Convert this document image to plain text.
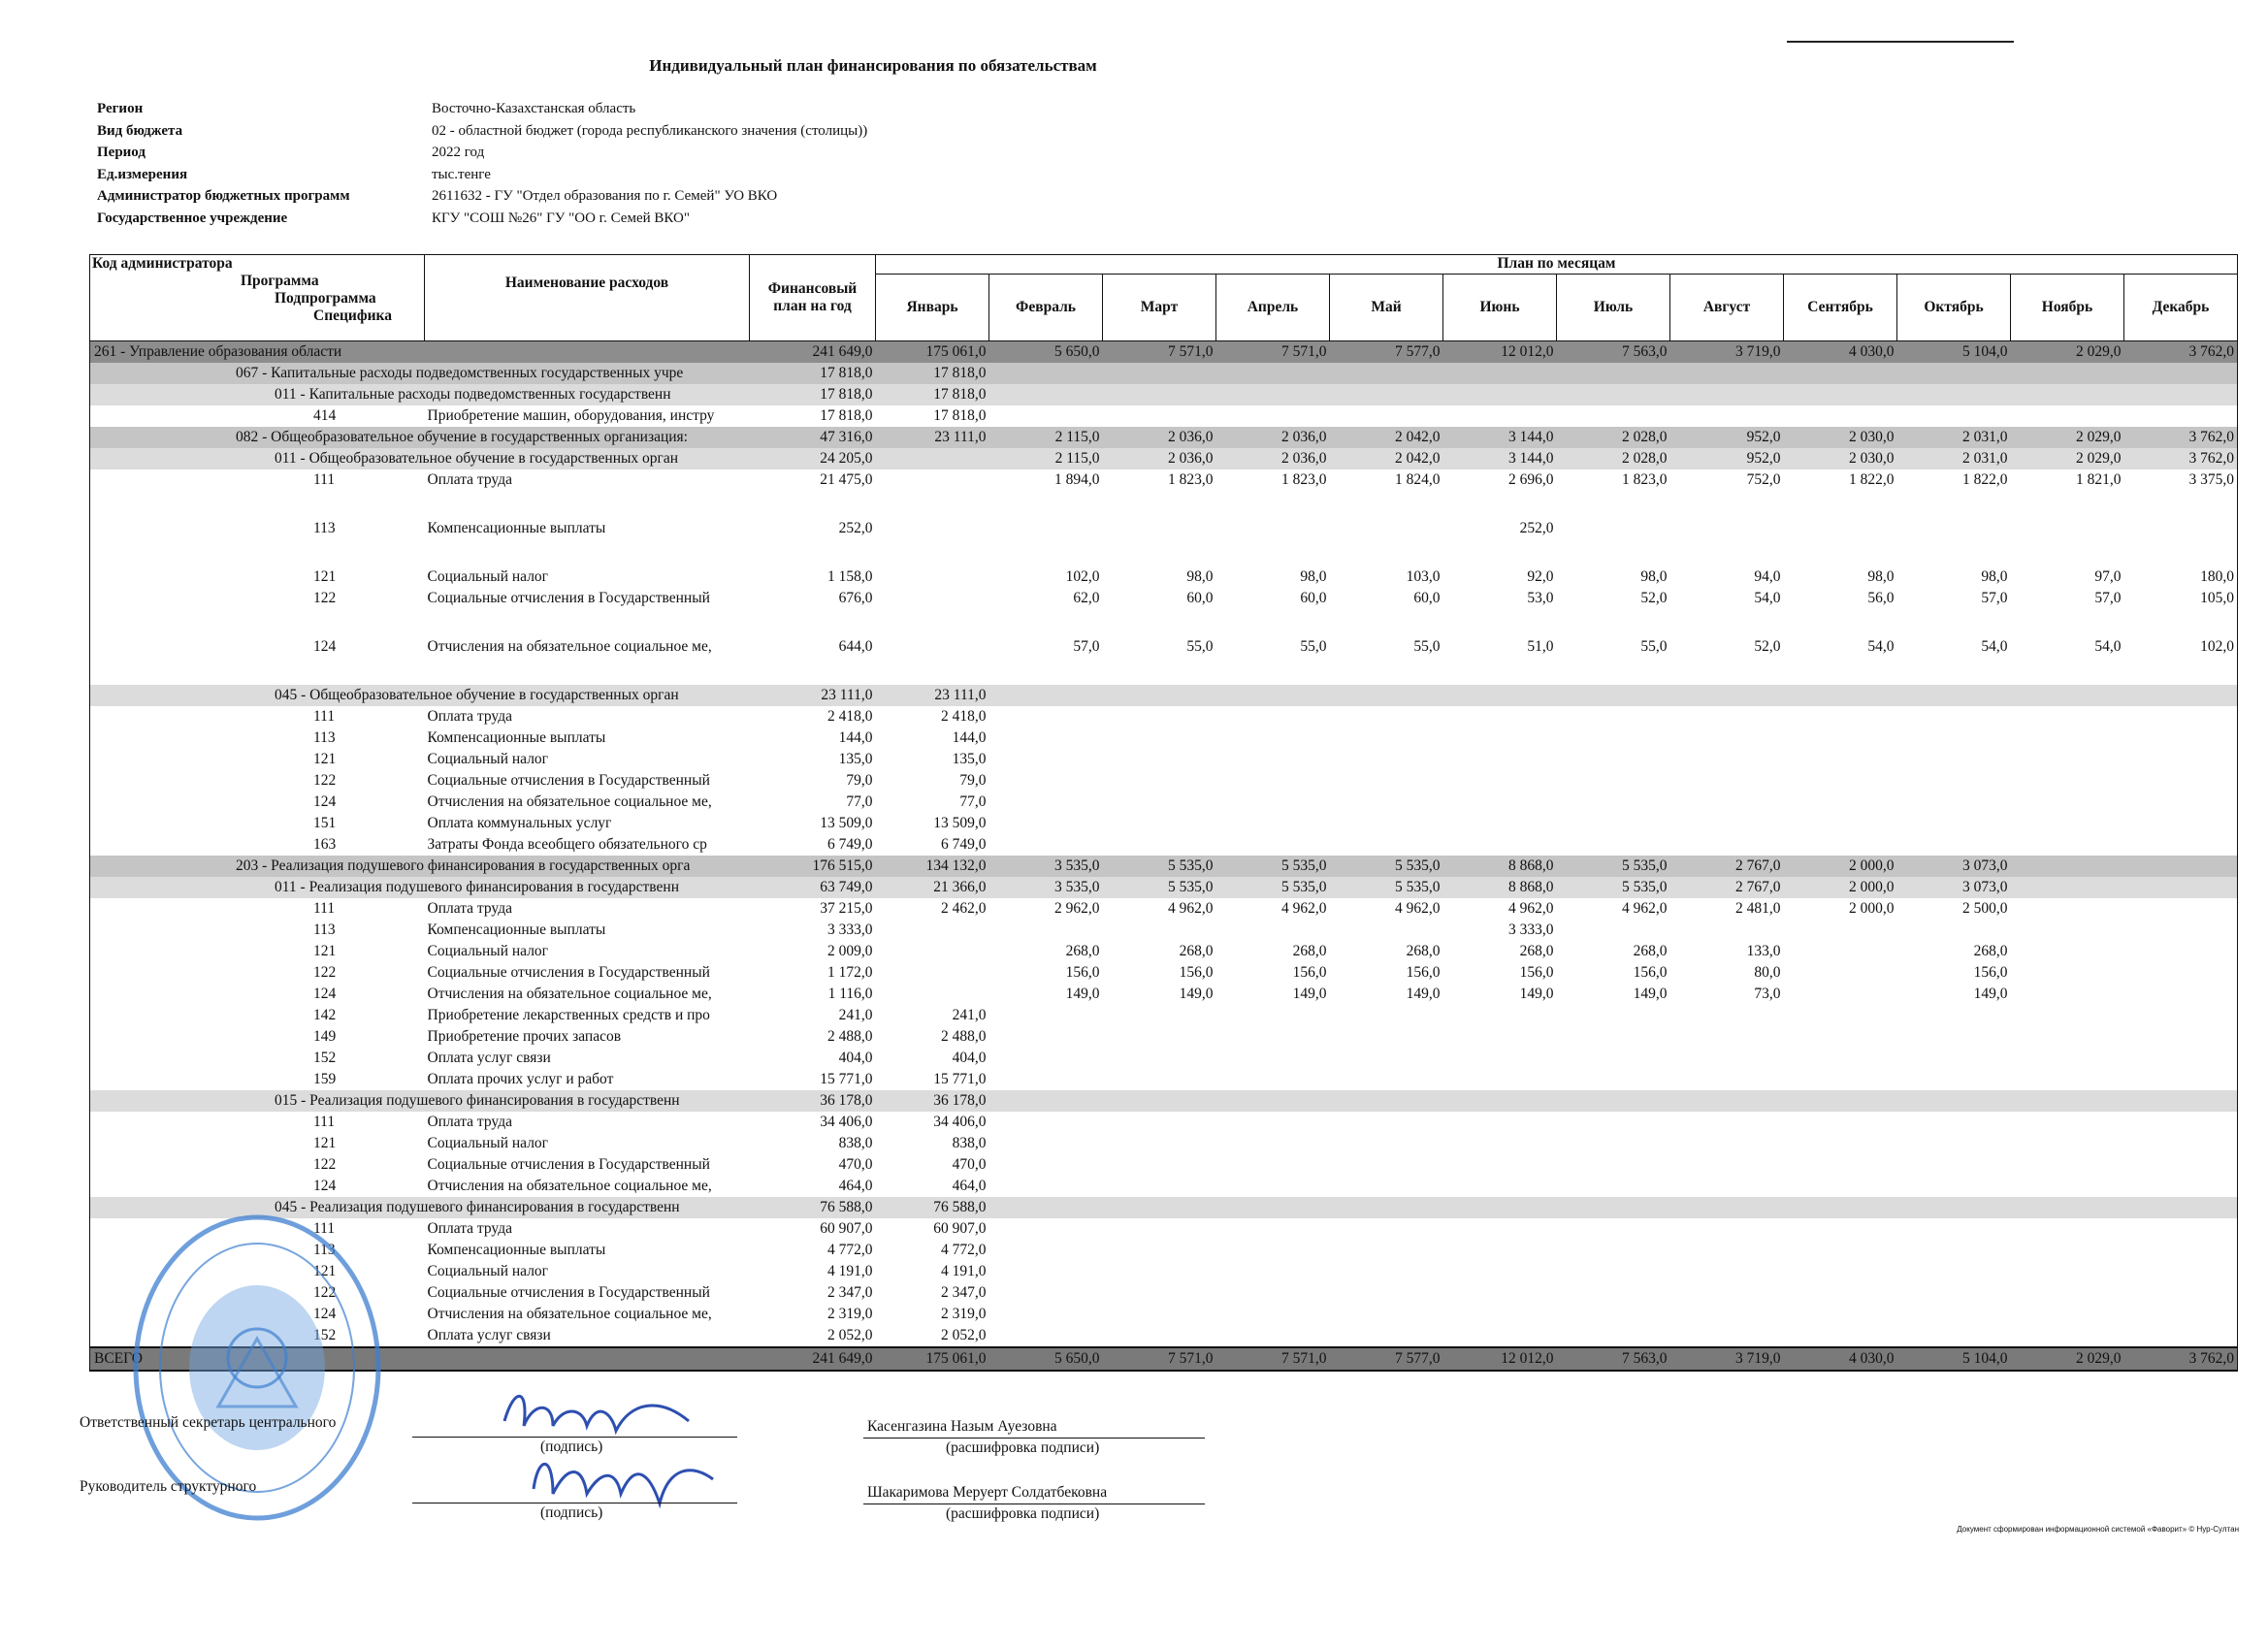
Индивидуальный план финансирования по обязательствам
Регион	Восточно-Казахстанская область
Вид бюджета	02 - областной бюджет (города республиканского значения (столицы))
Период	2022 год
Ед.измерения	тыс.тенге
Администратор бюджетных программ	2611632 - ГУ "Отдел образования по г. Семей" УО ВКО
Государственное учреждение	КГУ "СОШ №26" ГУ "ОО г. Семей ВКО"
Код администратора
Программа
Подпрограмма
Специфика	Наименование расходов	Финансовый план на год	План по месяцам											
			Январь	Февраль	Март	Апрель	Май	Июнь	Июль	Август	Сентябрь	Октябрь	Ноябрь	Декабрь
261 - Управление образования области		241 649,0	175 061,0	5 650,0	7 571,0	7 571,0	7 577,0	12 012,0	7 563,0	3 719,0	4 030,0	5 104,0	2 029,0	3 762,0
067 - Капитальные расходы подведомственных государственных учре		17 818,0	17 818,0											
011 - Капитальные расходы подведомственных государственн		17 818,0	17 818,0											
414	Приобретение машин, оборудования, инстру	17 818,0	17 818,0											
082 - Общеобразовательное обучение в государственных организация:		47 316,0	23 111,0	2 115,0	2 036,0	2 036,0	2 042,0	3 144,0	2 028,0	952,0	2 030,0	2 031,0	2 029,0	3 762,0
011 - Общеобразовательное обучение в государственных орган		24 205,0		2 115,0	2 036,0	2 036,0	2 042,0	3 144,0	2 028,0	952,0	2 030,0	2 031,0	2 029,0	3 762,0
111	Оплата труда	21 475,0		1 894,0	1 823,0	1 823,0	1 824,0	2 696,0	1 823,0	752,0	1 822,0	1 822,0	1 821,0	3 375,0
113	Компенсационные выплаты	252,0						252,0						
121	Социальный налог	1 158,0		102,0	98,0	98,0	103,0	92,0	98,0	94,0	98,0	98,0	97,0	180,0
122	Социальные отчисления в Государственный	676,0		62,0	60,0	60,0	60,0	53,0	52,0	54,0	56,0	57,0	57,0	105,0
124	Отчисления на обязательное социальное ме,	644,0		57,0	55,0	55,0	55,0	51,0	55,0	52,0	54,0	54,0	54,0	102,0
045 - Общеобразовательное обучение в государственных орган		23 111,0	23 111,0											
111	Оплата труда	2 418,0	2 418,0											
113	Компенсационные выплаты	144,0	144,0											
121	Социальный налог	135,0	135,0											
122	Социальные отчисления в Государственный	79,0	79,0											
124	Отчисления на обязательное социальное ме,	77,0	77,0											
151	Оплата коммунальных услуг	13 509,0	13 509,0											
163	Затраты Фонда всеобщего обязательного ср	6 749,0	6 749,0											
203 - Реализация подушевого финансирования в государственных орга		176 515,0	134 132,0	3 535,0	5 535,0	5 535,0	5 535,0	8 868,0	5 535,0	2 767,0	2 000,0	3 073,0		
011 - Реализация подушевого финансирования в государственн		63 749,0	21 366,0	3 535,0	5 535,0	5 535,0	5 535,0	8 868,0	5 535,0	2 767,0	2 000,0	3 073,0		
111	Оплата труда	37 215,0	2 462,0	2 962,0	4 962,0	4 962,0	4 962,0	4 962,0	4 962,0	2 481,0	2 000,0	2 500,0		
113	Компенсационные выплаты	3 333,0						3 333,0						
121	Социальный налог	2 009,0		268,0	268,0	268,0	268,0	268,0	268,0	133,0		268,0		
122	Социальные отчисления в Государственный	1 172,0		156,0	156,0	156,0	156,0	156,0	156,0	80,0		156,0		
124	Отчисления на обязательное социальное ме,	1 116,0		149,0	149,0	149,0	149,0	149,0	149,0	73,0		149,0		
142	Приобретение лекарственных средств и про	241,0	241,0											
149	Приобретение прочих запасов	2 488,0	2 488,0											
152	Оплата услуг связи	404,0	404,0											
159	Оплата прочих услуг и работ	15 771,0	15 771,0											
015 - Реализация подушевого финансирования в государственн		36 178,0	36 178,0											
111	Оплата труда	34 406,0	34 406,0											
121	Социальный налог	838,0	838,0											
122	Социальные отчисления в Государственный	470,0	470,0											
124	Отчисления на обязательное социальное ме,	464,0	464,0											
045 - Реализация подушевого финансирования в государственн		76 588,0	76 588,0											
111	Оплата труда	60 907,0	60 907,0											
113	Компенсационные выплаты	4 772,0	4 772,0											
121	Социальный налог	4 191,0	4 191,0											
122	Социальные отчисления в Государственный	2 347,0	2 347,0											
124	Отчисления на обязательное социальное ме,	2 319,0	2 319,0											
152	Оплата услуг связи	2 052,0	2 052,0											
ВСЕГО		241 649,0	175 061,0	5 650,0	7 571,0	7 571,0	7 577,0	12 012,0	7 563,0	3 719,0	4 030,0	5 104,0	2 029,0	3 762,0
Ответственный секретарь центрального
(подпись)
Касенгазина Назым Ауезовна
(расшифровка подписи)
Руководитель структурного
(подпись)
Шакаримова Меруерт Солдатбековна
(расшифровка подписи)
Документ сформирован информационной системой «Фаворит» © Нур-Султан
